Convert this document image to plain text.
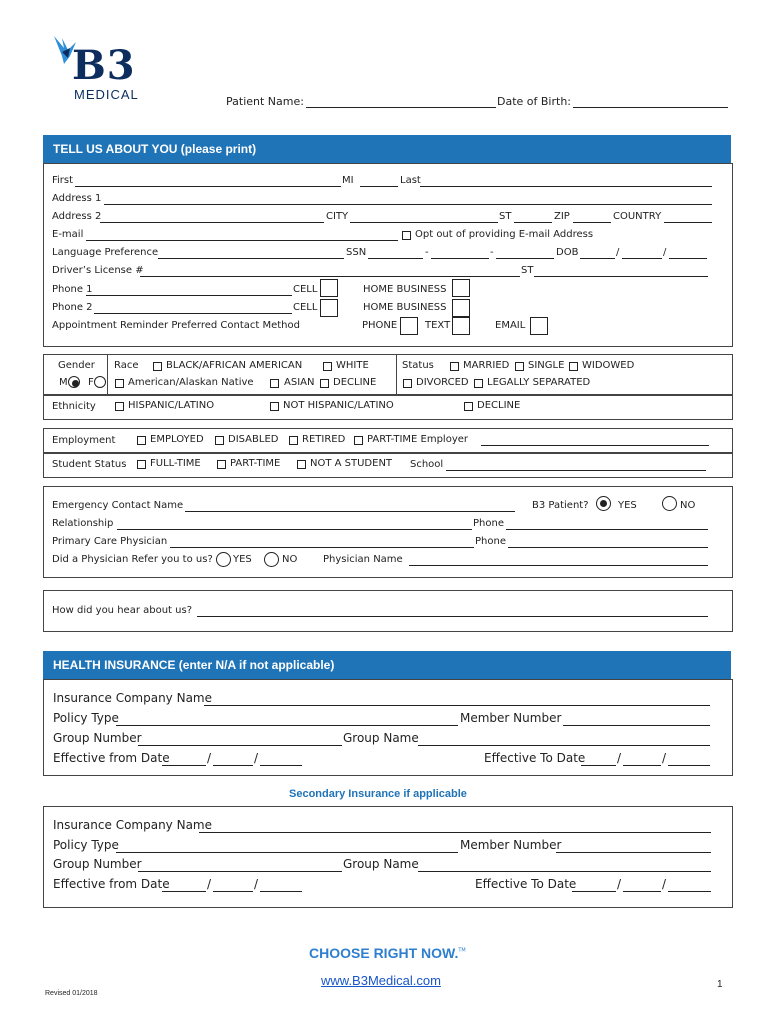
B3
MEDICAL	Patient Name:	Date of Birth:
TELL US ABOUT YOU (please print)
First	MI	Last
Address 1
Address 2	CITY	ST	ZIP	COUNTRY
E-mail	Opt out of providing E-mail Address
Language Preference	SSN	-	-	DOB	/	/
Driver’s License #	ST
Phone 1	CELL	HOME BUSINESS
Phone 2	CELL	HOME BUSINESS
Appointment Reminder Preferred Contact Method	PHONE	TEXT	EMAIL
Gender
M F
Race	BLACK/AFRICAN AMERICAN	WHITE
American/Alaskan Native	ASIAN DECLINE
Status	MARRIED SINGLE WIDOWED
DIVORCED LEGALLY SEPARATED
Ethnicity	HISPANIC/LATINO	NOT HISPANIC/LATINO	DECLINE
Employment	EMPLOYED DISABLED RETIRED PART-TIME Employer
Student Status FULL-TIME	PART-TIME	NOT A STUDENT School
Emergency Contact Name	B3 Patient?	YES	NO
Relationship	Phone
Primary Care Physician	Phone
Did a Physician Refer you to us? YES	NO	Physician Name
How did you hear about us?
HEALTH INSURANCE (enter N/A if not applicable)
Insurance Company Name
Policy Type	Member Number
Group Number	Group Name
Effective from Date	/	/	Effective To Date	/	/
Secondary Insurance if applicable
Insurance Company Name
Policy Type	Member Number
Group Number	Group Name
Effective from Date	/	/	Effective To Date	/	/
CHOOSE RIGHT NOW.™
www.B3Medical.com	1
Revised 01/2018
